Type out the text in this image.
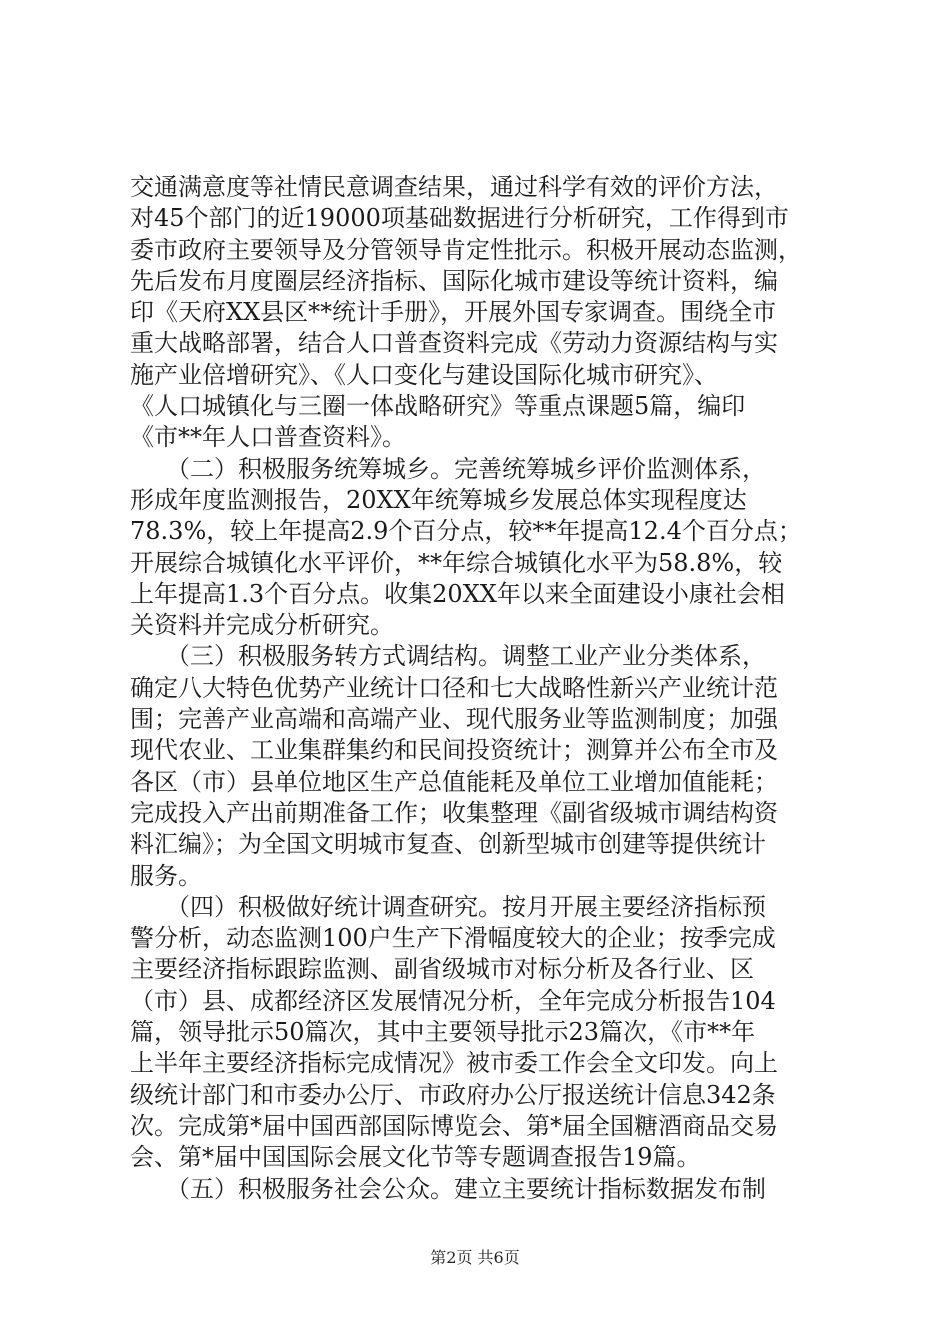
交通满意度等社情民意调查结果，通过科学有效的评价方法，
对45个部门的近19000项基础数据进行分析研究，工作得到市
委市政府主要领导及分管领导肯定性批示。积极开展动态监测，
先后发布月度圈层经济指标、国际化城市建设等统计资料，编
印《天府XX县区**统计手册》，开展外国专家调查。围绕全市
重大战略部署，结合人口普查资料完成《劳动力资源结构与实
施产业倍增研究》、《人口变化与建设国际化城市研究》、
《人口城镇化与三圈一体战略研究》等重点课题5篇，编印
《市**年人口普查资料》。
　　（二）积极服务统筹城乡。完善统筹城乡评价监测体系，
形成年度监测报告，20XX年统筹城乡发展总体实现程度达
78.3%，较上年提高2.9个百分点，较**年提高12.4个百分点；
开展综合城镇化水平评价，**年综合城镇化水平为58.8%，较
上年提高1.3个百分点。收集20XX年以来全面建设小康社会相
关资料并完成分析研究。
　　（三）积极服务转方式调结构。调整工业产业分类体系，
确定八大特色优势产业统计口径和七大战略性新兴产业统计范
围；完善产业高端和高端产业、现代服务业等监测制度；加强
现代农业、工业集群集约和民间投资统计；测算并公布全市及
各区（市）县单位地区生产总值能耗及单位工业增加值能耗；
完成投入产出前期准备工作；收集整理《副省级城市调结构资
料汇编》；为全国文明城市复查、创新型城市创建等提供统计
服务。
　　（四）积极做好统计调查研究。按月开展主要经济指标预
警分析，动态监测100户生产下滑幅度较大的企业；按季完成
主要经济指标跟踪监测、副省级城市对标分析及各行业、区
（市）县、成都经济区发展情况分析，全年完成分析报告104
篇，领导批示50篇次，其中主要领导批示23篇次，《市**年
上半年主要经济指标完成情况》被市委工作会全文印发。向上
级统计部门和市委办公厅、市政府办公厅报送统计信息342条
次。完成第*届中国西部国际博览会、第*届全国糖酒商品交易
会、第*届中国国际会展文化节等专题调查报告19篇。
　　（五）积极服务社会公众。建立主要统计指标数据发布制
第2页 共6页
